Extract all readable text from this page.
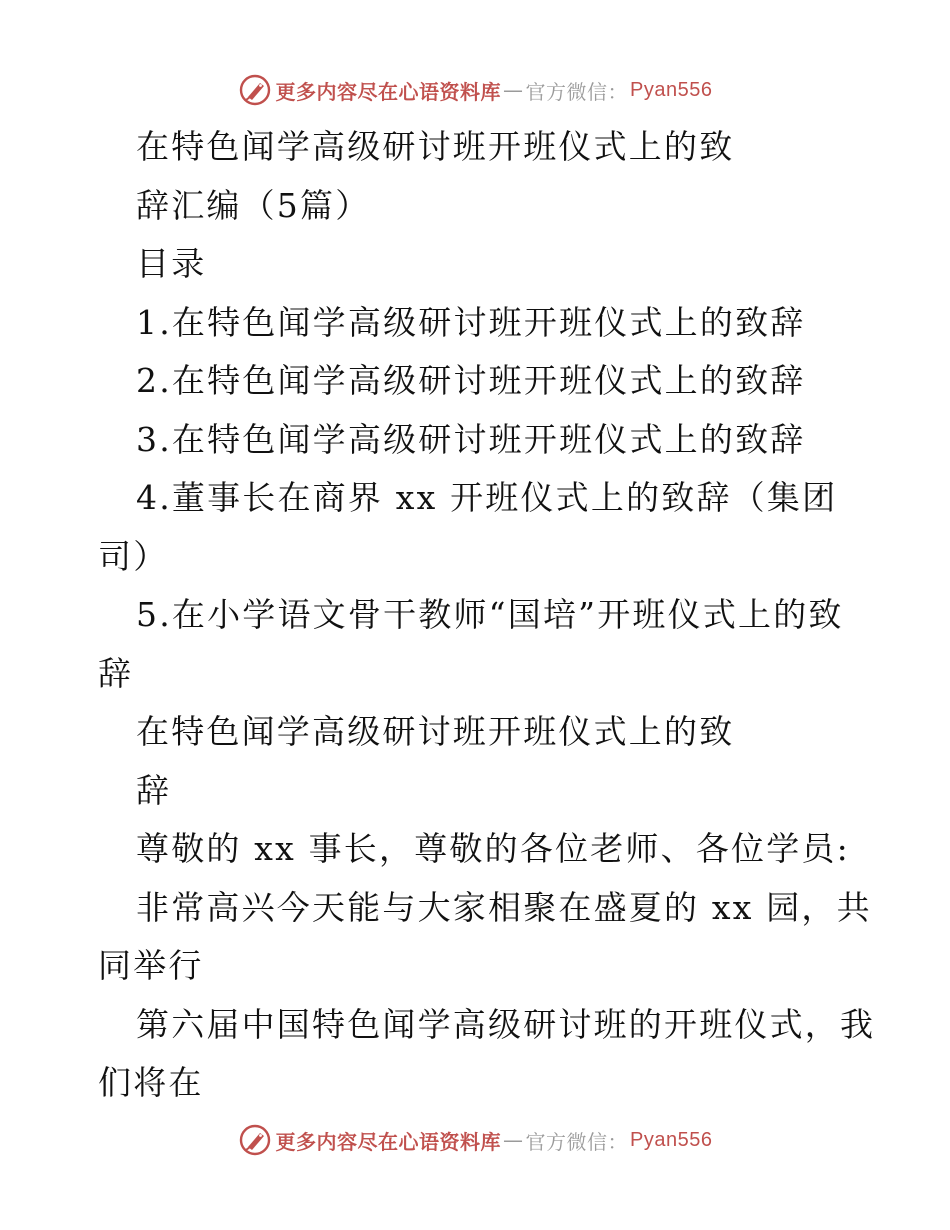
更多内容尽在心语资料库 — 官方微信： Pyan556
在特色闻学高级研讨班开班仪式上的致
辞汇编（5篇）
目录
1.在特色闻学高级研讨班开班仪式上的致辞
2.在特色闻学高级研讨班开班仪式上的致辞
3.在特色闻学高级研讨班开班仪式上的致辞
4.董事长在商界 xx 开班仪式上的致辞（集团
司）
5.在小学语文骨干教师“国培”开班仪式上的致
辞
在特色闻学高级研讨班开班仪式上的致
辞
尊敬的 xx 事长，尊敬的各位老师、各位学员:
非常高兴今天能与大家相聚在盛夏的 xx 园，共
同举行
第六届中国特色闻学高级研讨班的开班仪式，我
们将在
更多内容尽在心语资料库 — 官方微信： Pyan556
